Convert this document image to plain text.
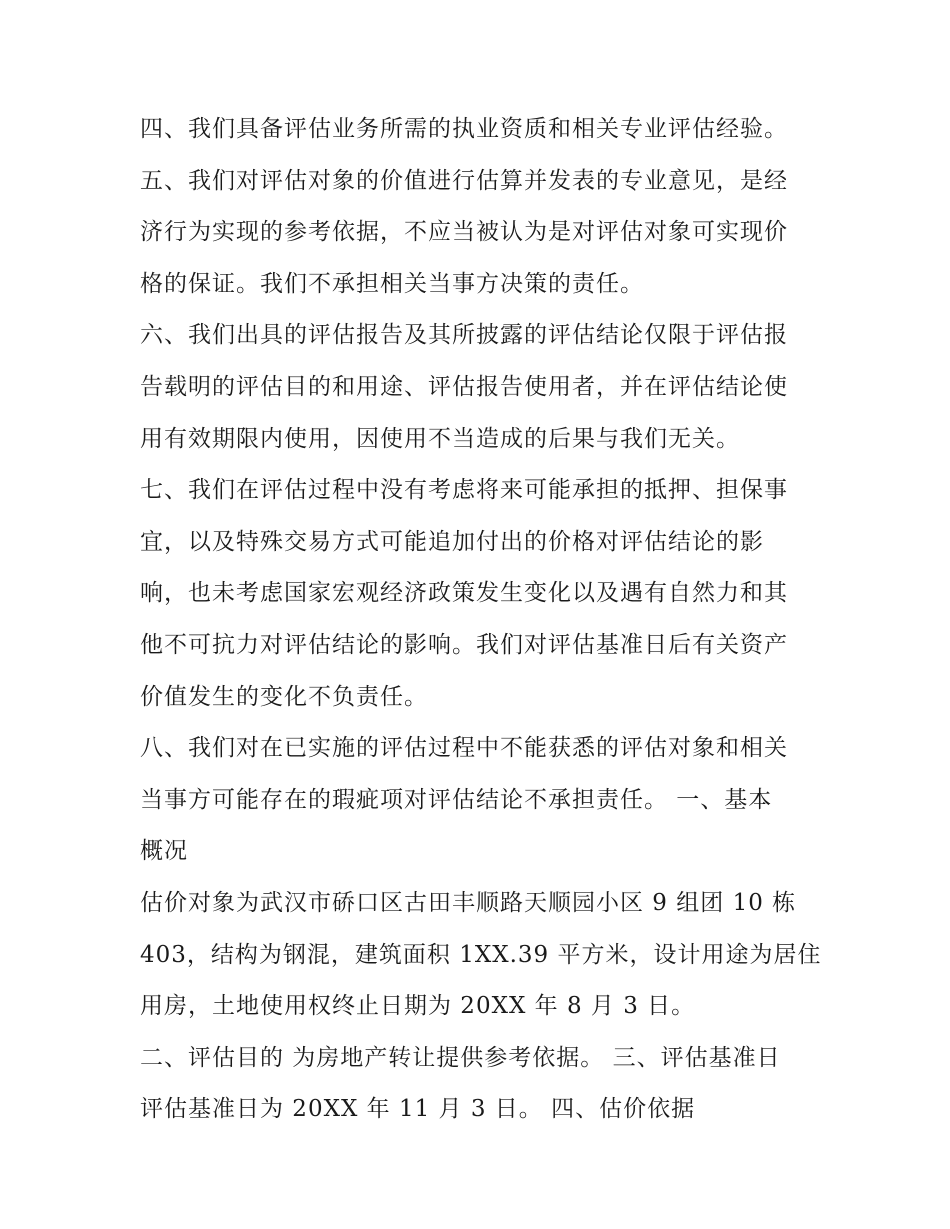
四、我们具备评估业务所需的执业资质和相关专业评估经验。
五、我们对评估对象的价值进行估算并发表的专业意见，是经
济行为实现的参考依据，不应当被认为是对评估对象可实现价
格的保证。我们不承担相关当事方决策的责任。
六、我们出具的评估报告及其所披露的评估结论仅限于评估报
告载明的评估目的和用途、评估报告使用者，并在评估结论使
用有效期限内使用，因使用不当造成的后果与我们无关。
七、我们在评估过程中没有考虑将来可能承担的抵押、担保事
宜，以及特殊交易方式可能追加付出的价格对评估结论的影
响，也未考虑国家宏观经济政策发生变化以及遇有自然力和其
他不可抗力对评估结论的影响。我们对评估基准日后有关资产
价值发生的变化不负责任。
八、我们对在已实施的评估过程中不能获悉的评估对象和相关
当事方可能存在的瑕疵项对评估结论不承担责任。 一、基本
概况
估价对象为武汉市硚口区古田丰顺路天顺园小区 9 组团 10 栋
403，结构为钢混，建筑面积 1XX.39 平方米，设计用途为居住
用房，土地使用权终止日期为 20XX 年 8 月 3 日。
二、评估目的 为房地产转让提供参考依据。 三、评估基准日
评估基准日为 20XX 年 11 月 3 日。 四、估价依据
